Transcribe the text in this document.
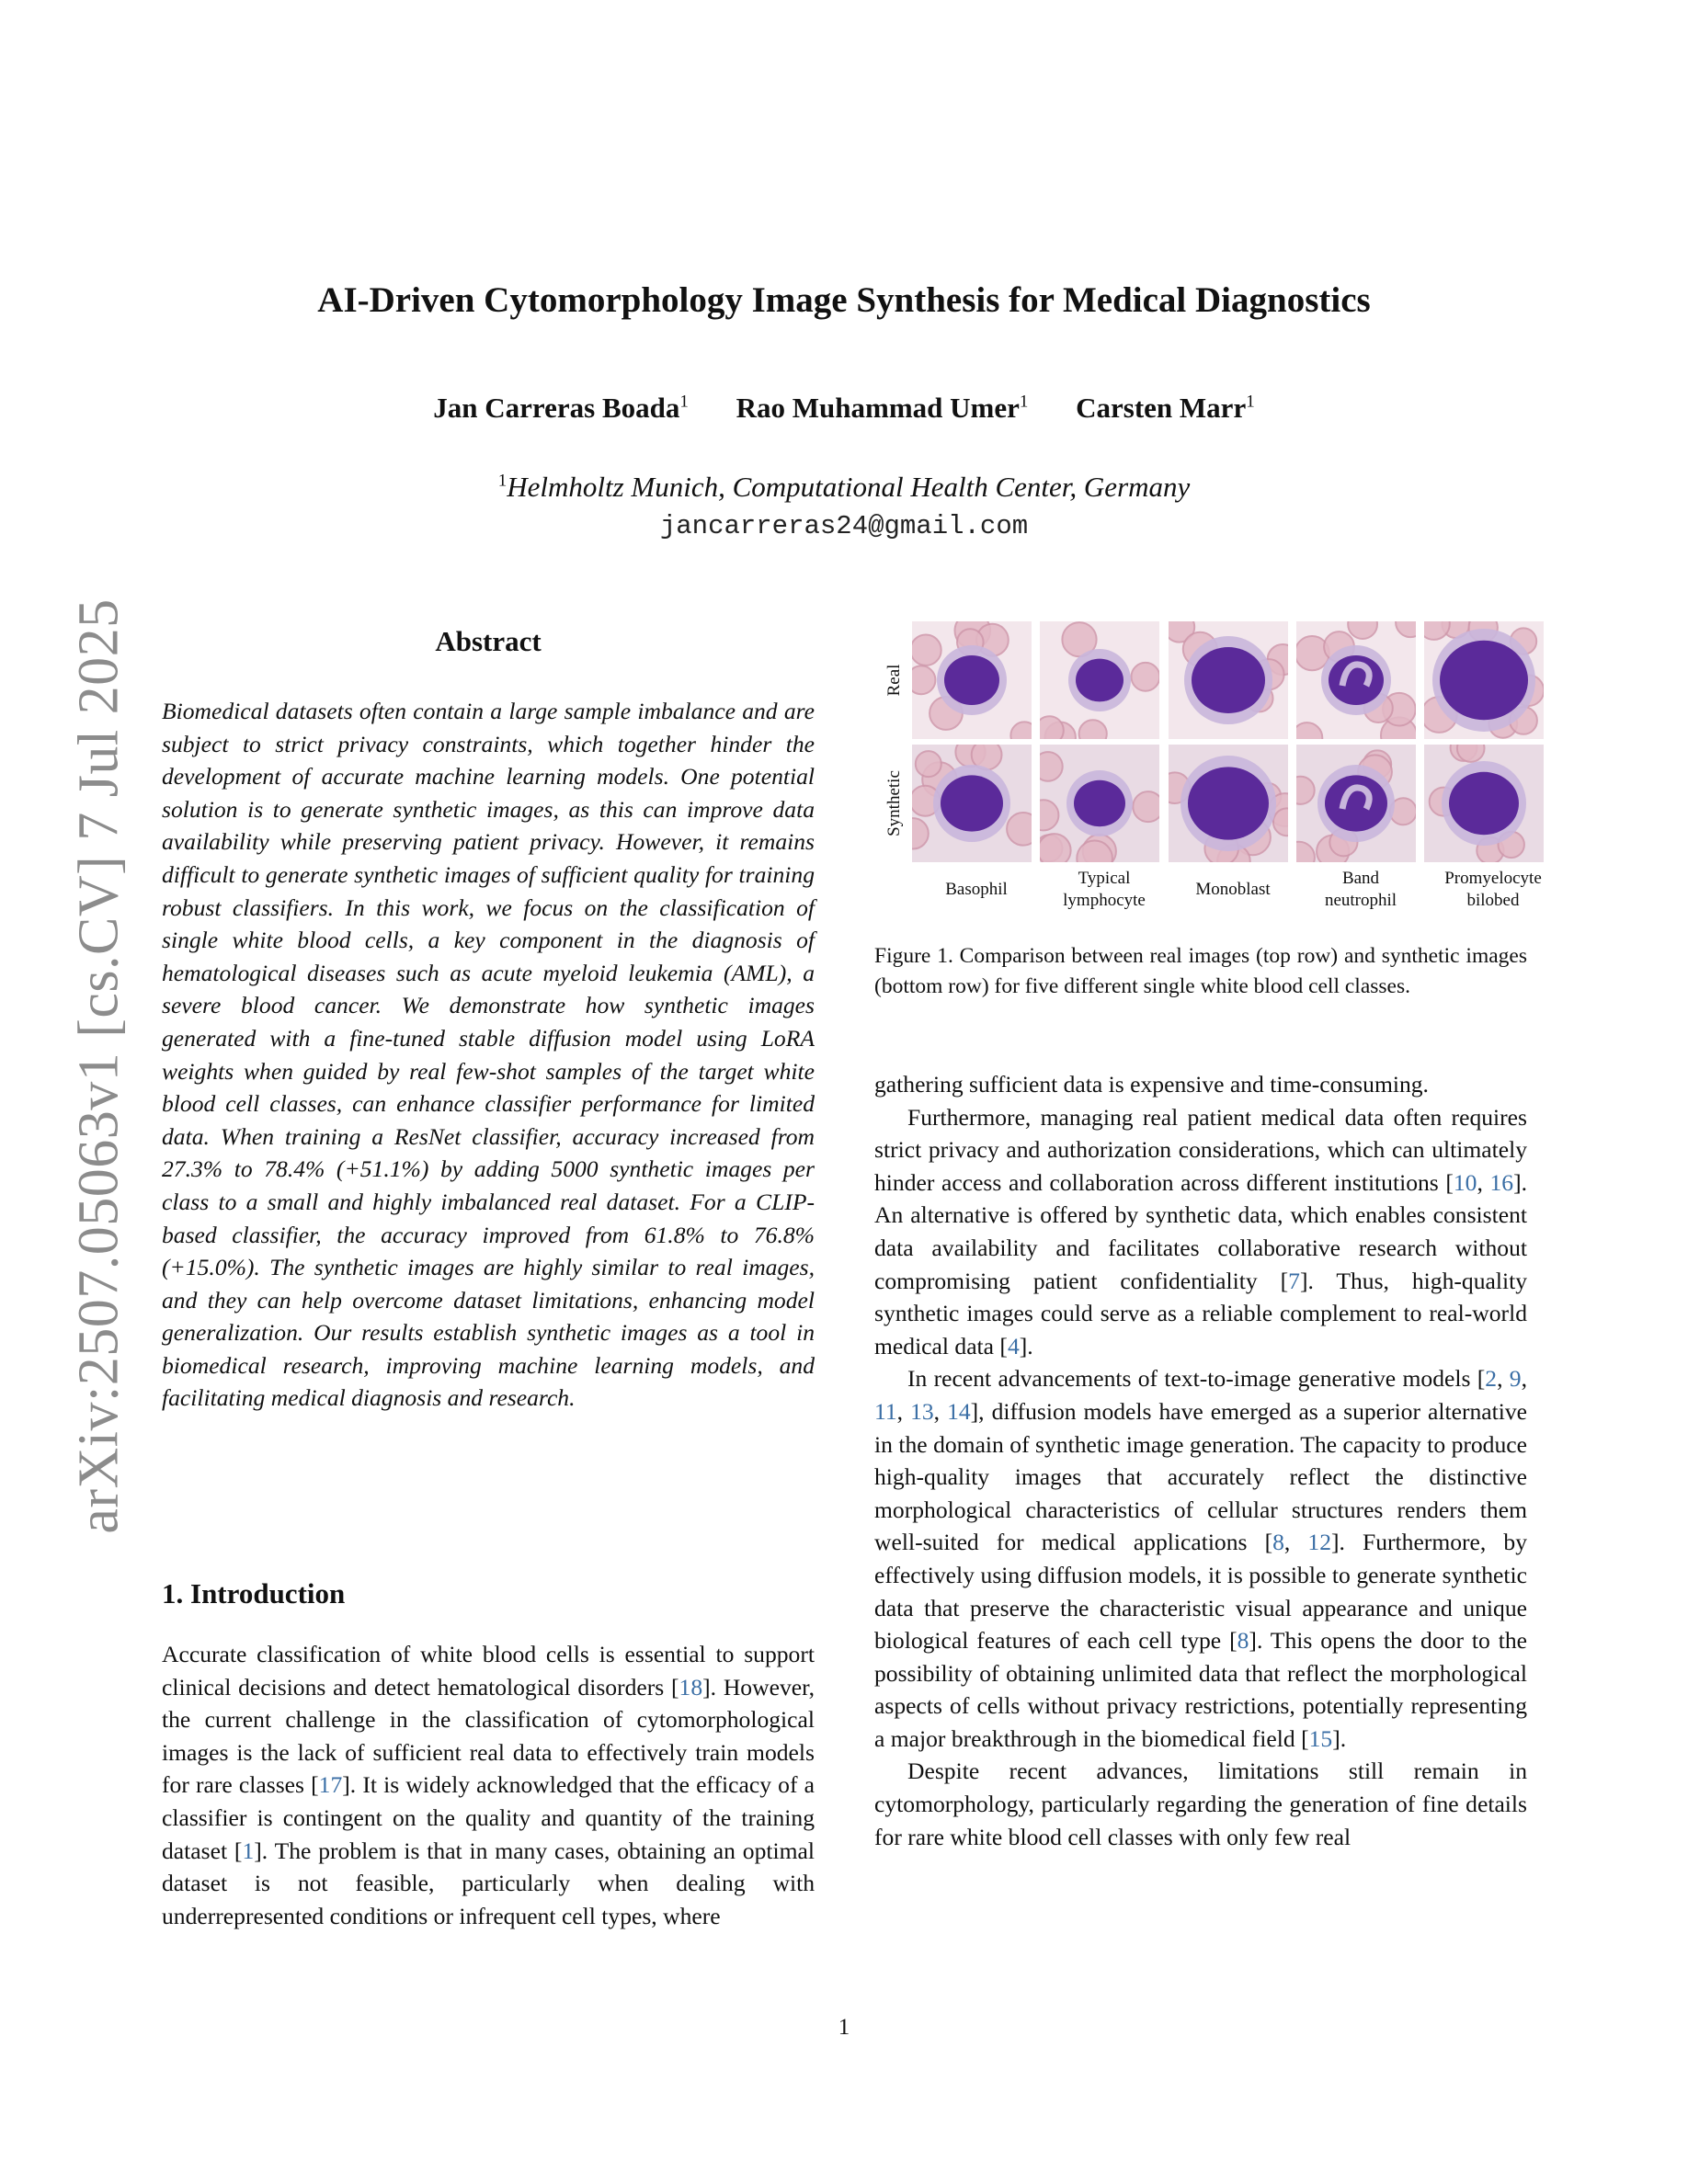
arXiv:2507.05063v1 [cs.CV] 7 Jul 2025
AI-Driven Cytomorphology Image Synthesis for Medical Diagnostics
Jan Carreras Boada$^1$ Rao Muhammad Umer$^1$ Carsten Marr$^1$
$^1$Helmholtz Munich, Computational Health Center, Germany
jancarreras24@gmail.com
Abstract

Biomedical datasets often contain a large sample imbalance and are subject to strict privacy constraints, which together hinder the development of accurate machine learning models. One potential solution is to generate synthetic images, as this can improve data availability while preserving patient privacy. However, it remains difficult to generate synthetic images of sufficient quality for training robust classifiers. In this work, we focus on the classification of single white blood cells, a key component in the diagnosis of hematological diseases such as acute myeloid leukemia (AML), a severe blood cancer. We demonstrate how synthetic images generated with a fine-tuned stable diffusion model using LoRA weights when guided by real few-shot samples of the target white blood cell classes, can enhance classifier performance for limited data. When training a ResNet classifier, accuracy increased from 27.3% to 78.4% (+51.1%) by adding 5000 synthetic images per class to a small and highly imbalanced real dataset. For a CLIP-based classifier, the accuracy improved from 61.8% to 76.8% (+15.0%). The synthetic images are highly similar to real images, and they can help overcome dataset limitations, enhancing model generalization. Our results establish synthetic images as a tool in biomedical research, improving machine learning models, and facilitating medical diagnosis and research.

1. Introduction

Accurate classification of white blood cells is essential to support clinical decisions and detect hematological disorders [18]. However, the current challenge in the classification of cytomorphological images is the lack of sufficient real data to effectively train models for rare classes [17]. It is widely acknowledged that the efficacy of a classifier is contingent on the quality and quantity of the training dataset [1]. The problem is that in many cases, obtaining an optimal dataset is not feasible, particularly when dealing with underrepresented conditions or infrequent cell types, where

Real
Synthetic
Basophil
Typical
lymphocyte
Monoblast
Band
neutrophil
Promyelocyte
bilobed
Figure 1. Comparison between real images (top row) and synthetic images (bottom row) for five different single white blood cell classes.

gathering sufficient data is expensive and time-consuming.

Furthermore, managing real patient medical data often requires strict privacy and authorization considerations, which can ultimately hinder access and collaboration across different institutions [10, 16]. An alternative is offered by synthetic data, which enables consistent data availability and facilitates collaborative research without compromising patient confidentiality [7]. Thus, high-quality synthetic images could serve as a reliable complement to real-world medical data [4].

In recent advancements of text-to-image generative models [2, 9, 11, 13, 14], diffusion models have emerged as a superior alternative in the domain of synthetic image generation. The capacity to produce high-quality images that accurately reflect the distinctive morphological characteristics of cellular structures renders them well-suited for medical applications [8, 12]. Furthermore, by effectively using diffusion models, it is possible to generate synthetic data that preserve the characteristic visual appearance and unique biological features of each cell type [8]. This opens the door to the possibility of obtaining unlimited data that reflect the morphological aspects of cells without privacy restrictions, potentially representing a major breakthrough in the biomedical field [15].

Despite recent advances, limitations still remain in cytomorphology, particularly regarding the generation of fine details for rare white blood cell classes with only few real

1
